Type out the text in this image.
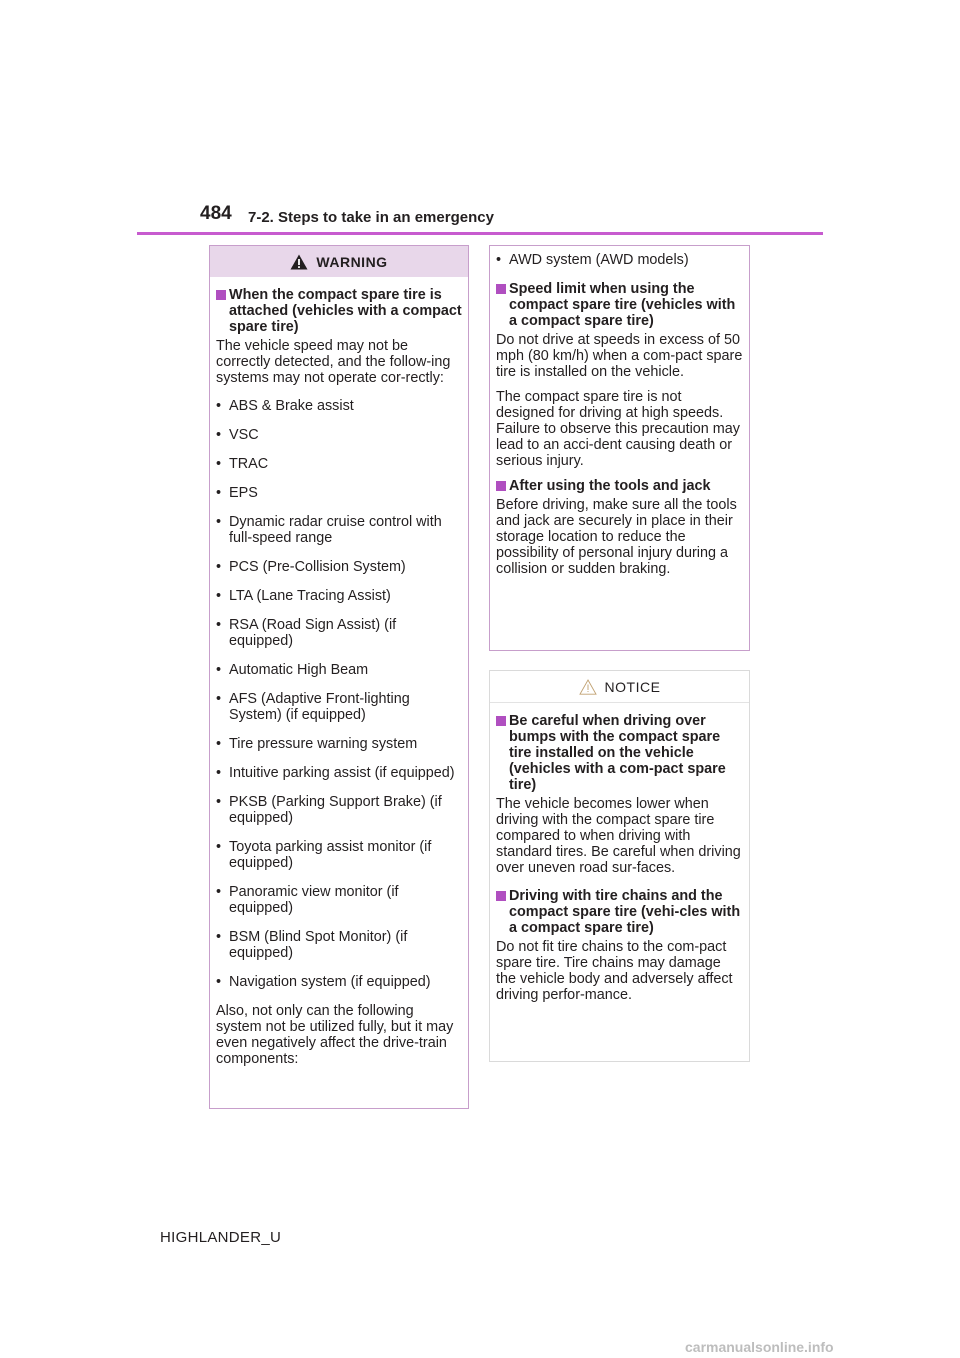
484 7-2. Steps to take in an emergency
WARNING
When the compact spare tire is attached (vehicles with a compact spare tire)
The vehicle speed may not be correctly detected, and the follow-ing systems may not operate cor-rectly:
• ABS & Brake assist
• VSC
• TRAC
• EPS
• Dynamic radar cruise control with full-speed range
• PCS (Pre-Collision System)
• LTA (Lane Tracing Assist)
• RSA (Road Sign Assist) (if equipped)
• Automatic High Beam
• AFS (Adaptive Front-lighting System) (if equipped)
• Tire pressure warning system
• Intuitive parking assist (if equipped)
• PKSB (Parking Support Brake) (if equipped)
• Toyota parking assist monitor (if equipped)
• Panoramic view monitor (if equipped)
• BSM (Blind Spot Monitor) (if equipped)
• Navigation system (if equipped)
Also, not only can the following system not be utilized fully, but it may even negatively affect the drive-train components:
• AWD system (AWD models)
Speed limit when using the compact spare tire (vehicles with a compact spare tire)
Do not drive at speeds in excess of 50 mph (80 km/h) when a com-pact spare tire is installed on the vehicle.
The compact spare tire is not designed for driving at high speeds. Failure to observe this precaution may lead to an acci-dent causing death or serious injury.
After using the tools and jack
Before driving, make sure all the tools and jack are securely in place in their storage location to reduce the possibility of personal injury during a collision or sudden braking.
NOTICE
Be careful when driving over bumps with the compact spare tire installed on the vehicle (vehicles with a com-pact spare tire)
The vehicle becomes lower when driving with the compact spare tire compared to when driving with standard tires. Be careful when driving over uneven road sur-faces.
Driving with tire chains and the compact spare tire (vehi-cles with a compact spare tire)
Do not fit tire chains to the com-pact spare tire. Tire chains may damage the vehicle body and adversely affect driving perfor-mance.
HIGHLANDER_U
carmanualsonline.info
